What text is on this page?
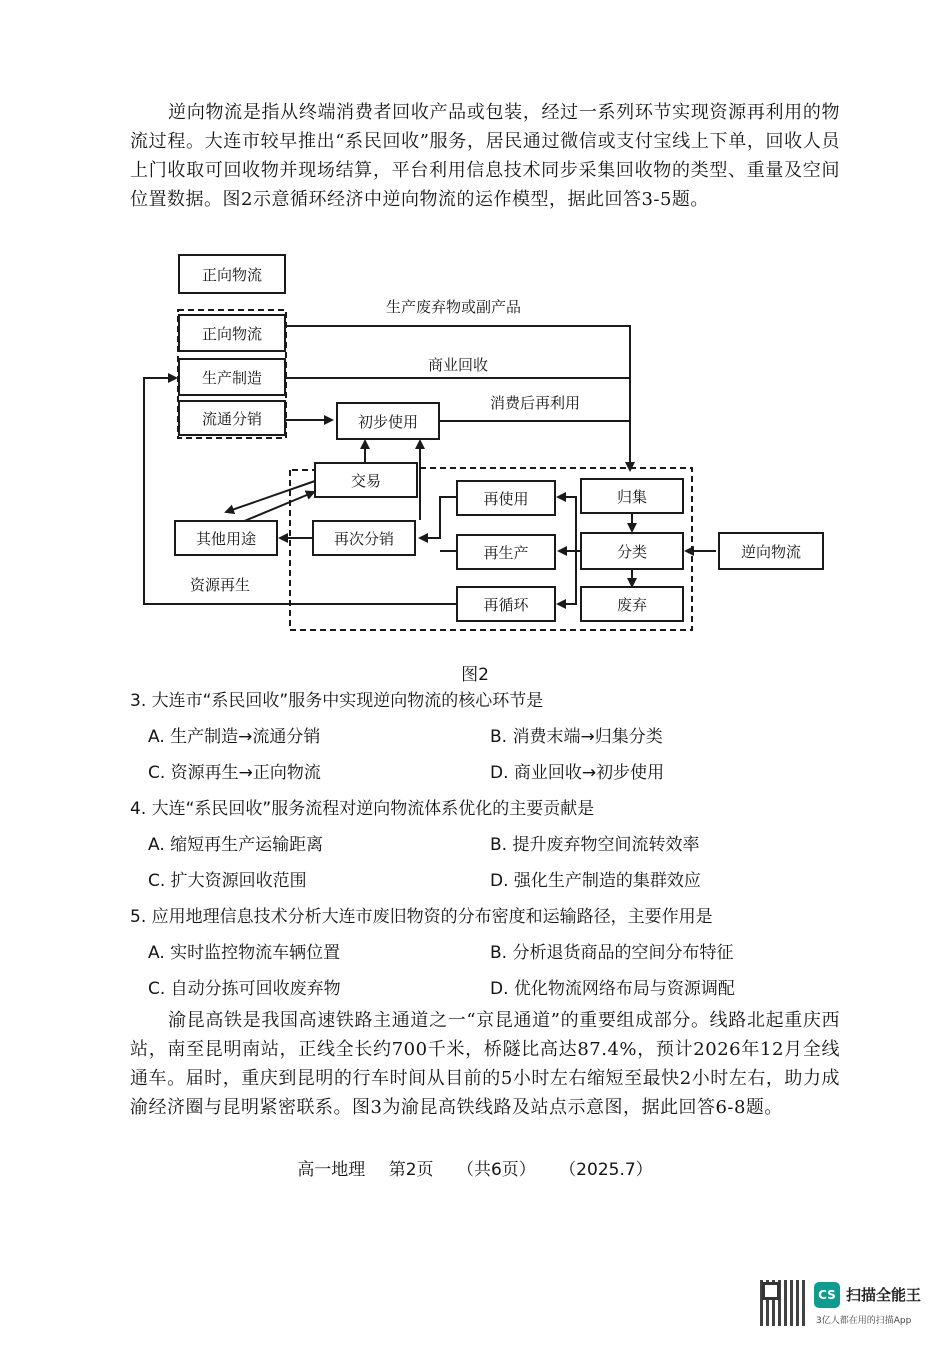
逆向物流是指从终端消费者回收产品或包装，经过一系列环节实现资源再利用的物流过程。大连市较早推出“系民回收”服务，居民通过微信或支付宝线上下单，回收人员上门收取可回收物并现场结算，平台利用信息技术同步采集回收物的类型、重量及空间位置数据。图2示意循环经济中逆向物流的运作模型，据此回答3-5题。
正向物流
正向物流
生产制造
流通分销	初步使用
交易
其他用途	再次分销
再使用
再生产
再循环
归集
分类
废弃
逆向物流
生产废弃物或副产品
商业回收
消费后再利用
资源再生
图2
3. 大连市“系民回收”服务中实现逆向物流的核心环节是
A. 生产制造→流通分销	B. 消费末端→归集分类
C. 资源再生→正向物流	D. 商业回收→初步使用
4. 大连“系民回收”服务流程对逆向物流体系优化的主要贡献是
A. 缩短再生产运输距离	B. 提升废弃物空间流转效率
C. 扩大资源回收范围	D. 强化生产制造的集群效应
5. 应用地理信息技术分析大连市废旧物资的分布密度和运输路径，主要作用是
A. 实时监控物流车辆位置	B. 分析退货商品的空间分布特征
C. 自动分拣可回收废弃物	D. 优化物流网络布局与资源调配
渝昆高铁是我国高速铁路主通道之一“京昆通道”的重要组成部分。线路北起重庆西站，南至昆明南站，正线全长约700千米，桥隧比高达87.4%，预计2026年12月全线通车。届时，重庆到昆明的行车时间从目前的5小时左右缩短至最快2小时左右，助力成渝经济圈与昆明紧密联系。图3为渝昆高铁线路及站点示意图，据此回答6-8题。
高一地理 第2页 （共6页） （2025.7）
CS 扫描全能王
3亿人都在用的扫描App
